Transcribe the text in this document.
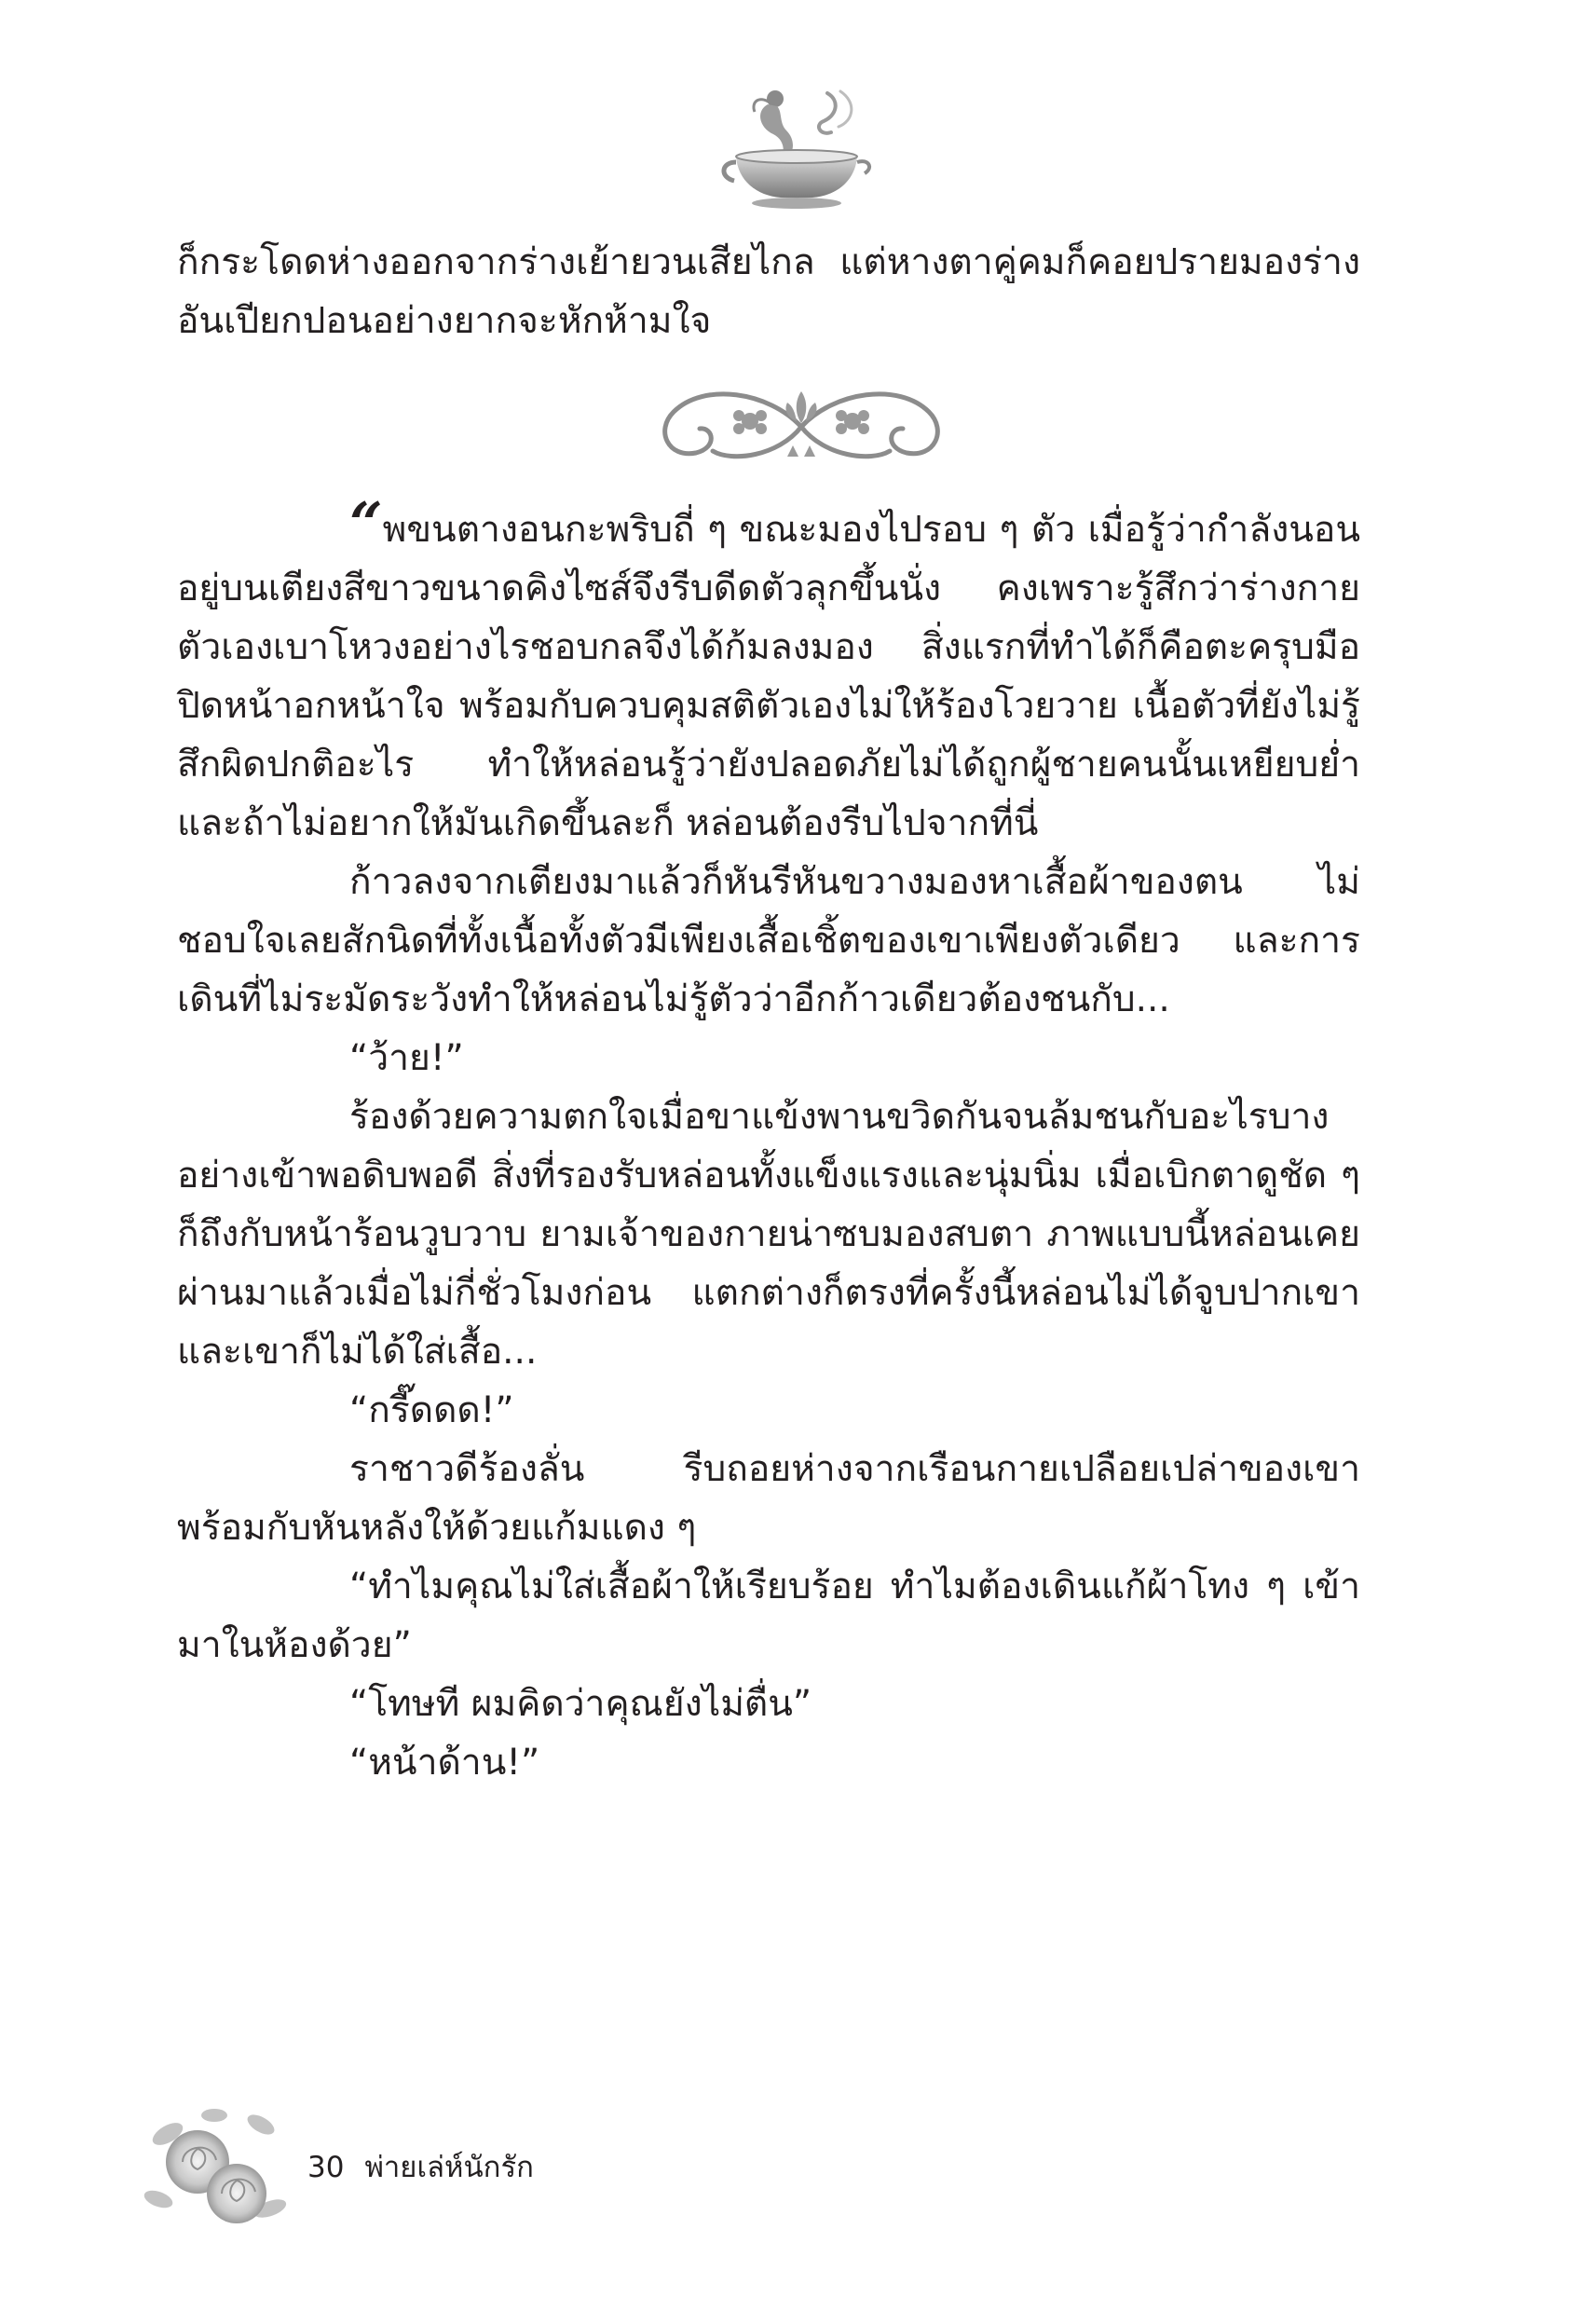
ก็กระโดดห่างออกจากร่างเย้ายวนเสียไกล แต่หางตาคู่คมก็คอยปรายมองร่างอันเปียกปอนอย่างยากจะหักห้ามใจ

“ พขนตางอนกะพริบถี่ ๆ ขณะมองไปรอบ ๆ ตัว เมื่อรู้ว่ากำลังนอนอยู่บนเตียงสีขาวขนาดคิงไซส์จึงรีบดีดตัวลุกขึ้นนั่ง คงเพราะรู้สึกว่าร่างกายตัวเองเบาโหวงอย่างไรชอบกลจึงได้ก้มลงมอง สิ่งแรกที่ทำได้ก็คือตะครุบมือปิดหน้าอกหน้าใจ พร้อมกับควบคุมสติตัวเองไม่ให้ร้องโวยวาย เนื้อตัวที่ยังไม่รู้สึกผิดปกติอะไร ทำให้หล่อนรู้ว่ายังปลอดภัยไม่ได้ถูกผู้ชายคนนั้นเหยียบย่ำ และถ้าไม่อยากให้มันเกิดขึ้นละก็ หล่อนต้องรีบไปจากที่นี่

ก้าวลงจากเตียงมาแล้วก็หันรีหันขวางมองหาเสื้อผ้าของตน ไม่ชอบใจเลยสักนิดที่ทั้งเนื้อทั้งตัวมีเพียงเสื้อเชิ้ตของเขาเพียงตัวเดียว และการเดินที่ไม่ระมัดระวังทำให้หล่อนไม่รู้ตัวว่าอีกก้าวเดียวต้องชนกับ...

“ว้าย!”

ร้องด้วยความตกใจเมื่อขาแข้งพานขวิดกันจนล้มชนกับอะไรบางอย่างเข้าพอดิบพอดี สิ่งที่รองรับหล่อนทั้งแข็งแรงและนุ่มนิ่ม เมื่อเบิกตาดูชัด ๆ ก็ถึงกับหน้าร้อนวูบวาบ ยามเจ้าของกายน่าซบมองสบตา ภาพแบบนี้หล่อนเคยผ่านมาแล้วเมื่อไม่กี่ชั่วโมงก่อน แตกต่างก็ตรงที่ครั้งนี้หล่อนไม่ได้จูบปากเขา และเขาก็ไม่ได้ใส่เสื้อ...

“กรี๊ดดด!”

ราชาวดีร้องลั่น รีบถอยห่างจากเรือนกายเปลือยเปล่าของเขา พร้อมกับหันหลังให้ด้วยแก้มแดง ๆ

“ทำไมคุณไม่ใส่เสื้อผ้าให้เรียบร้อย ทำไมต้องเดินแก้ผ้าโทง ๆ เข้ามาในห้องด้วย”

“โทษที ผมคิดว่าคุณยังไม่ตื่น”

“หน้าด้าน!”

30 พ่ายเล่ห์นักรัก
